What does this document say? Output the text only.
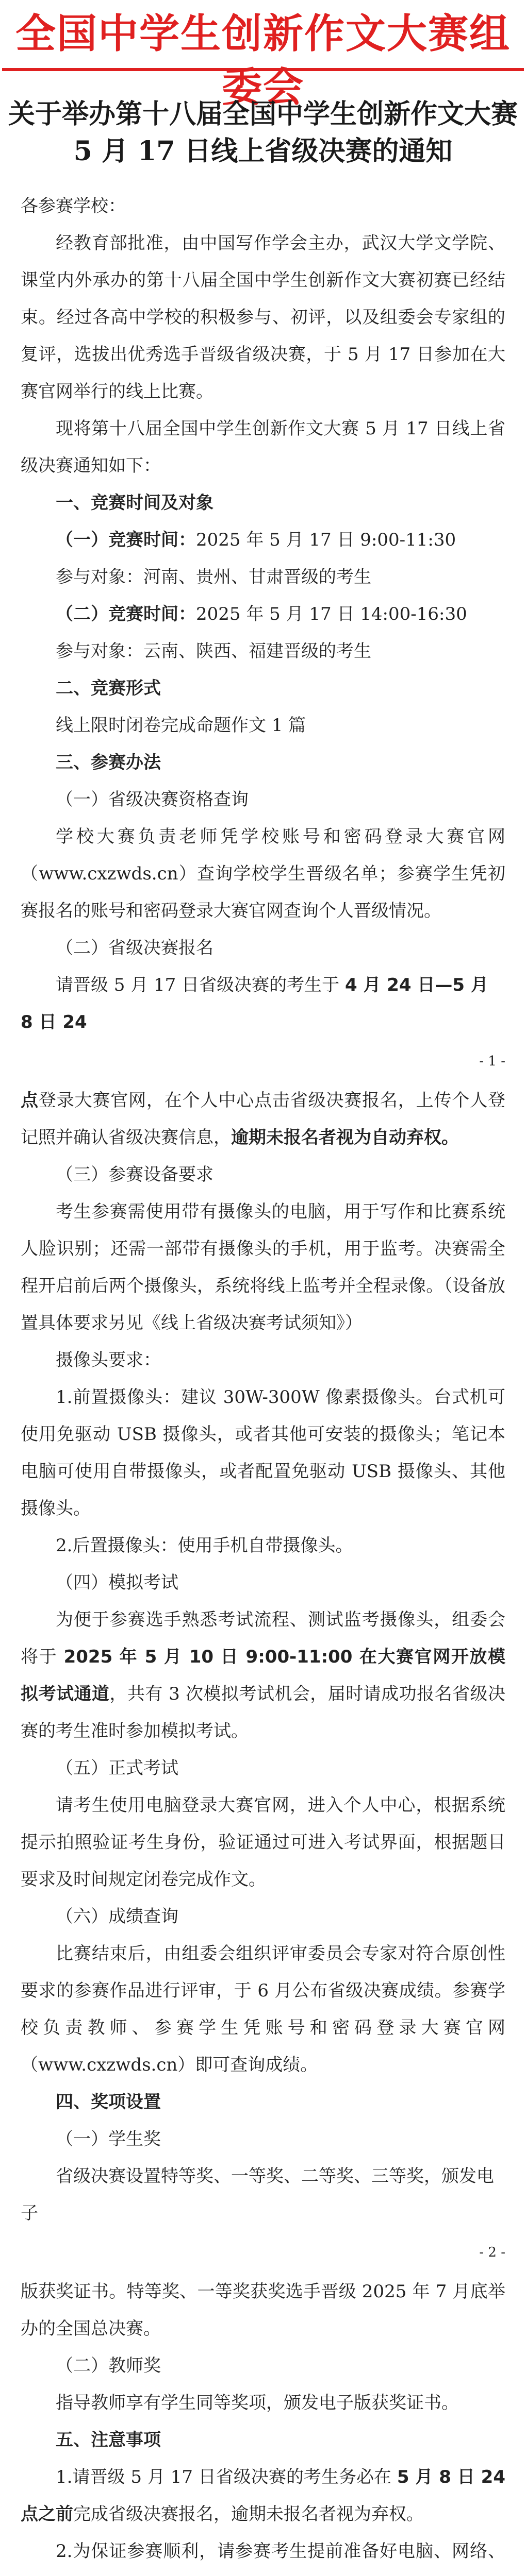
全国中学生创新作文大赛组委会
关于举办第十八届全国中学生创新作文大赛
5 月 17 日线上省级决赛的通知

各参赛学校：

经教育部批准，由中国写作学会主办，武汉大学文学院、课堂内外承办的第十八届全国中学生创新作文大赛初赛已经结束。经过各高中学校的积极参与、初评，以及组委会专家组的复评，选拔出优秀选手晋级省级决赛，于 5 月 17 日参加在大赛官网举行的线上比赛。

现将第十八届全国中学生创新作文大赛 5 月 17 日线上省级决赛通知如下：

一、竞赛时间及对象

（一）竞赛时间：2025 年 5 月 17 日 9:00-11:30

参与对象：河南、贵州、甘肃晋级的考生

（二）竞赛时间：2025 年 5 月 17 日 14:00-16:30

参与对象：云南、陕西、福建晋级的考生

二、竞赛形式

线上限时闭卷完成命题作文 1 篇

三、参赛办法

（一）省级决赛资格查询

学校大赛负责老师凭学校账号和密码登录大赛官网（www.cxzwds.cn）查询学校学生晋级名单；参赛学生凭初赛报名的账号和密码登录大赛官网查询个人晋级情况。

（二）省级决赛报名

请晋级 5 月 17 日省级决赛的考生于 4 月 24 日—5 月 8 日 24

- 1 -

点登录大赛官网，在个人中心点击省级决赛报名，上传个人登记照并确认省级决赛信息，逾期未报名者视为自动弃权。

（三）参赛设备要求

考生参赛需使用带有摄像头的电脑，用于写作和比赛系统人脸识别；还需一部带有摄像头的手机，用于监考。决赛需全程开启前后两个摄像头，系统将线上监考并全程录像。（设备放置具体要求另见《线上省级决赛考试须知》）

摄像头要求：

1.前置摄像头：建议 30W-300W 像素摄像头。台式机可使用免驱动 USB 摄像头，或者其他可安装的摄像头；笔记本电脑可使用自带摄像头，或者配置免驱动 USB 摄像头、其他摄像头。

2.后置摄像头：使用手机自带摄像头。

（四）模拟考试

为便于参赛选手熟悉考试流程、测试监考摄像头，组委会将于 2025 年 5 月 10 日 9:00-11:00 在大赛官网开放模拟考试通道，共有 3 次模拟考试机会，届时请成功报名省级决赛的考生准时参加模拟考试。

（五）正式考试

请考生使用电脑登录大赛官网，进入个人中心，根据系统提示拍照验证考生身份，验证通过可进入考试界面，根据题目要求及时间规定闭卷完成作文。

（六）成绩查询

比赛结束后，由组委会组织评审委员会专家对符合原创性要求的参赛作品进行评审，于 6 月公布省级决赛成绩。参赛学校负责教师、参赛学生凭账号和密码登录大赛官网（www.cxzwds.cn）即可查询成绩。

四、奖项设置

（一）学生奖

省级决赛设置特等奖、一等奖、二等奖、三等奖，颁发电子

- 2 -

版获奖证书。特等奖、一等奖获奖选手晋级 2025 年 7 月底举办的全国总决赛。

（二）教师奖

指导教师享有学生同等奖项，颁发电子版获奖证书。

五、注意事项

1.请晋级 5 月 17 日省级决赛的考生务必在 5 月 8 日 24 点之前完成省级决赛报名，逾期未报名者视为弃权。

2.为保证参赛顺利，请参赛考生提前准备好电脑、网络、
